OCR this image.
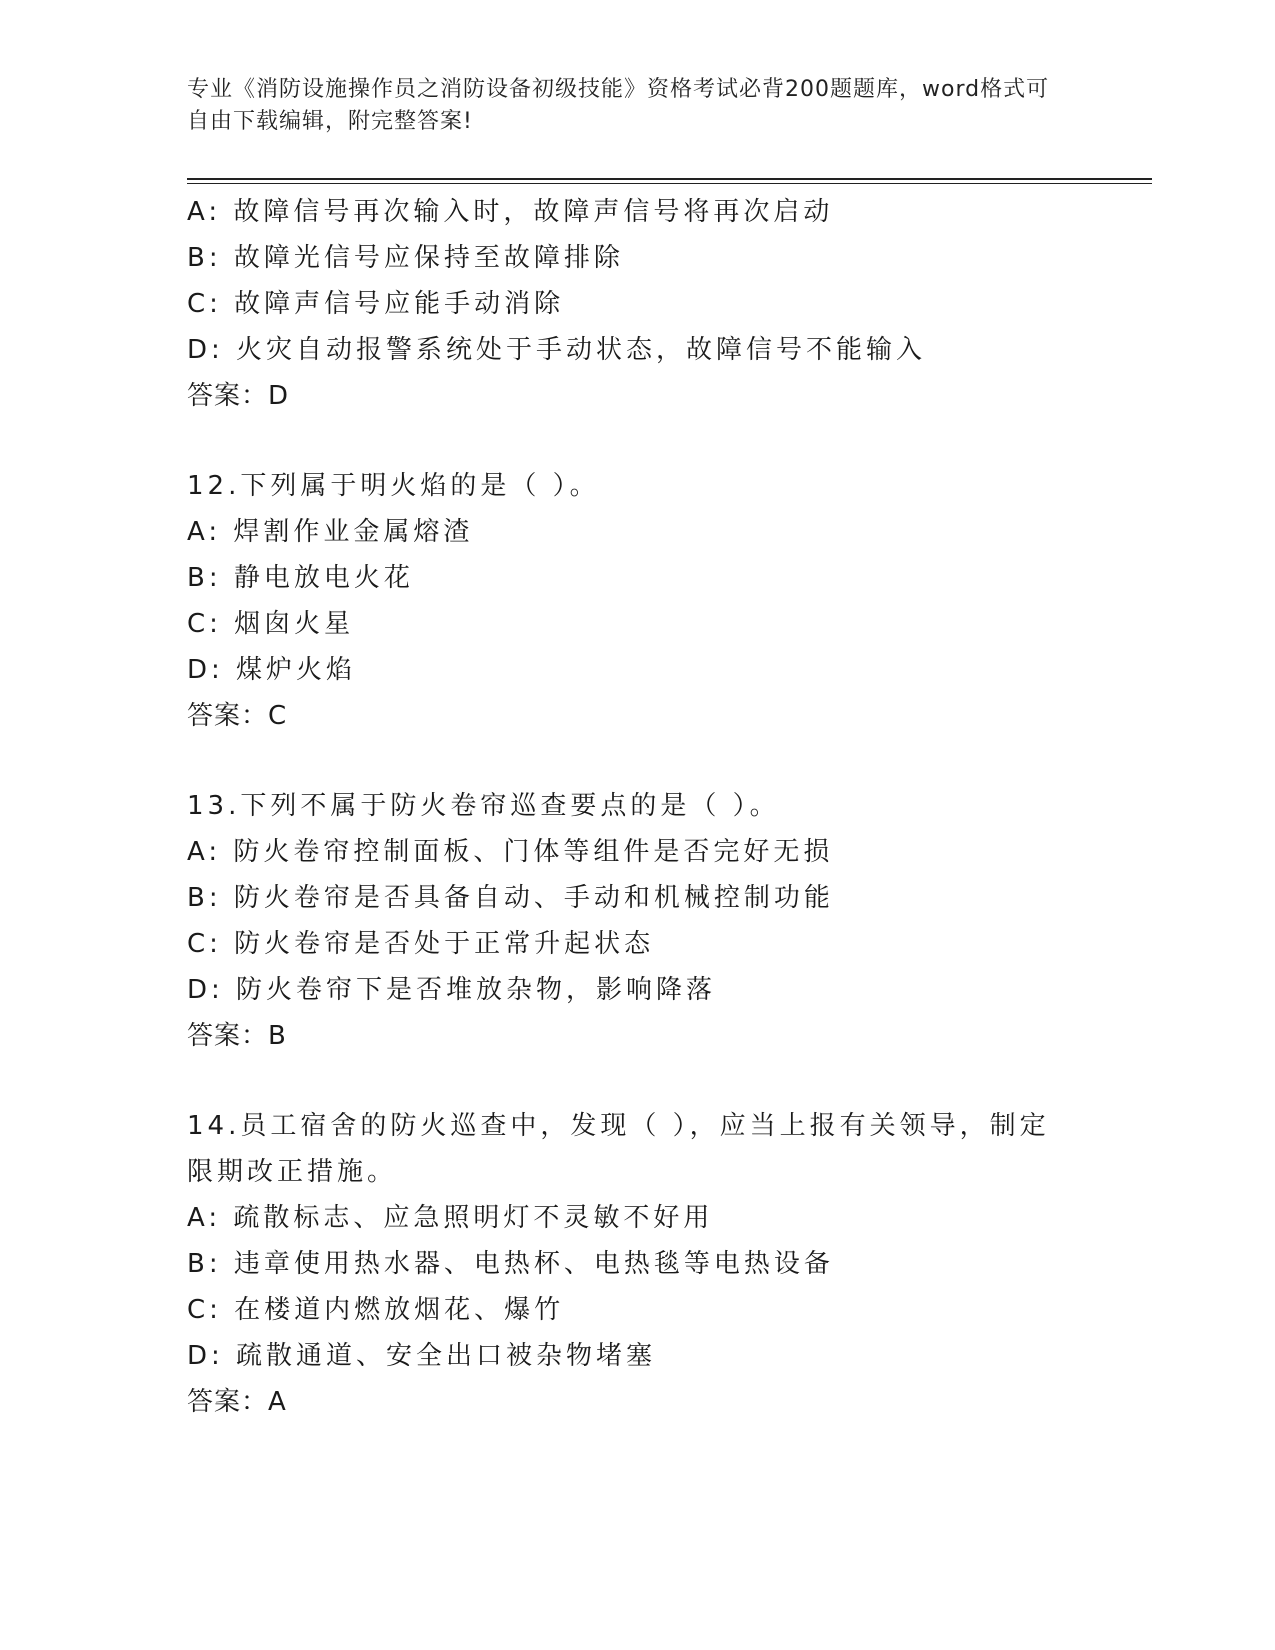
专业《消防设施操作员之消防设备初级技能》资格考试必背200题题库，word格式可自由下载编辑，附完整答案!
A: 故障信号再次输入时，故障声信号将再次启动
B: 故障光信号应保持至故障排除
C: 故障声信号应能手动消除
D: 火灾自动报警系统处于手动状态，故障信号不能输入
答案：D
12.下列属于明火焰的是（ ）。
A: 焊割作业金属熔渣
B: 静电放电火花
C: 烟囱火星
D: 煤炉火焰
答案：C
13.下列不属于防火卷帘巡查要点的是（ ）。
A: 防火卷帘控制面板、门体等组件是否完好无损
B: 防火卷帘是否具备自动、手动和机械控制功能
C: 防火卷帘是否处于正常升起状态
D: 防火卷帘下是否堆放杂物，影响降落
答案：B
14.员工宿舍的防火巡查中，发现（ ），应当上报有关领导，制定限期改正措施。
A: 疏散标志、应急照明灯不灵敏不好用
B: 违章使用热水器、电热杯、电热毯等电热设备
C: 在楼道内燃放烟花、爆竹
D: 疏散通道、安全出口被杂物堵塞
答案：A
